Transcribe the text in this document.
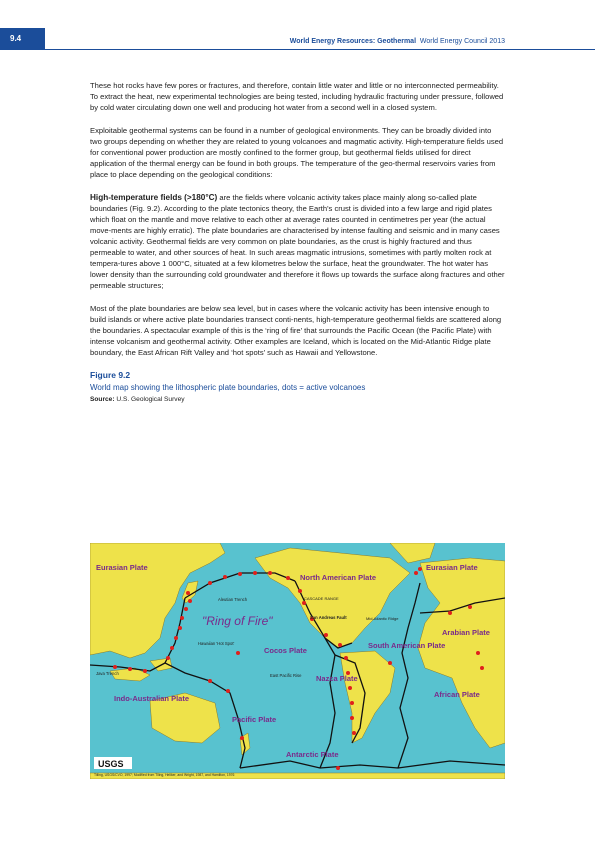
9.4	World Energy Resources: Geothermal World Energy Council 2013

These hot rocks have few pores or fractures, and therefore, contain little water and little or no interconnected permeability. To extract the heat, new experimental technologies are being tested, including hydraulic fracturing under pressure, followed by cold water circulating down one well and producing hot water from a second well in a closed system.

Exploitable geothermal systems can be found in a number of geological environments. They can be broadly divided into two groups depending on whether they are related to young volcanoes and magmatic activity. High-temperature fields used for conventional power production are mostly confined to the former group, but geothermal fields utilised for direct application of the thermal energy can be found in both groups. The temperature of the geo-thermal reservoirs varies from place to place depending on the geological conditions:

High-temperature fields (>180°C) are the fields where volcanic activity takes place mainly along so-called plate boundaries (Fig. 9.2). According to the plate tectonics theory, the Earth's crust is divided into a few large and rigid plates which float on the mantle and move relative to each other at average rates counted in centimetres per year (the actual move-ments are highly erratic). The plate boundaries are characterised by intense faulting and seismic and in many cases volcanic activity. Geothermal fields are very common on plate boundaries, as the crust is highly fractured and thus permeable to water, and other sources of heat. In such areas magmatic intrusions, sometimes with partly molten rock at tempera-tures above 1 000°C, situated at a few kilometres below the surface, heat the groundwater. The hot water has lower density than the surrounding cold groundwater and therefore it flows up towards the surface along fractures and other permeable structures;

Most of the plate boundaries are below sea level, but in cases where the volcanic activity has been intensive enough to build islands or where active plate boundaries transect conti-nents, high-temperature geothermal fields are scattered along the boundaries. A spectacular example of this is the ‘ring of fire’ that surrounds the Pacific Ocean (the Pacific Plate) with intense volcanism and geothermal activity. Other examples are Iceland, which is located on the Mid-Atlantic Ridge plate boundary, the East African Rift Valley and ‘hot spots’ such as Hawaii and Yellowstone.

Figure 9.2
World map showing the lithospheric plate boundaries, dots = active volcanoes
Source: U.S. Geological Survey
Eurasian Plate
North American Plate
Eurasian Plate
Aleutian Trench	CASCADE RANGE
San Andreas Fault	Mid-Atlantic Ridge
"Ring of Fire"
Hawaiian 'Hot Spot'
Cocos Plate
Arabian Plate
Java Trench	East Pacific Rise Nazca Plate
South American Plate
African Plate
Indo-Australian Plate
Pacific Plate
Antarctic Plate
USGS
Tilling, USGS/CVO, 1997; Modified from Tiling, Heliker, and Wright, 1987, and Hamilton, 1976
